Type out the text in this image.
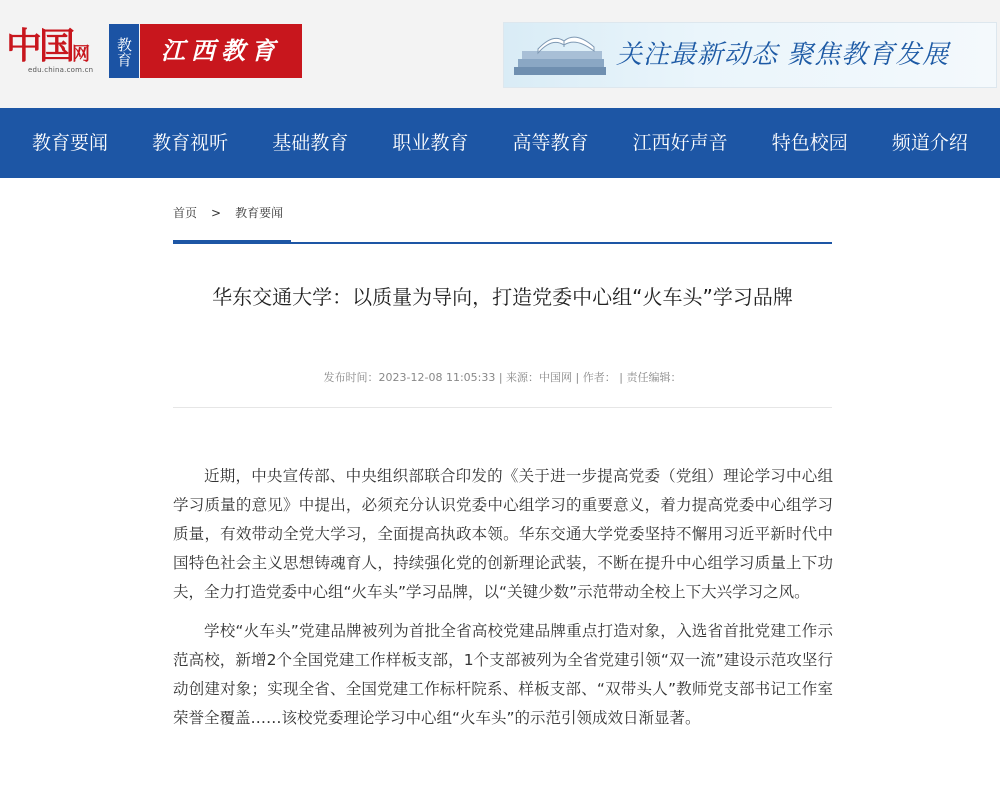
中国 网
edu.china.com.cn
教育	江西教育	关注最新动态 聚焦教育发展
教育要闻	教育视听	基础教育	职业教育	高等教育	江西好声音	特色校园	频道介绍
首页 > 教育要闻
华东交通大学：以质量为导向，打造党委中心组“火车头”学习品牌
发布时间：2023-12-08 11:05:33 | 来源：中国网 | 作者： | 责任编辑：

近期，中央宣传部、中央组织部联合印发的《关于进一步提高党委（党组）理论学习中心组学习质量的意见》中提出，必须充分认识党委中心组学习的重要意义，着力提高党委中心组学习质量，有效带动全党大学习，全面提高执政本领。华东交通大学党委坚持不懈用习近平新时代中国特色社会主义思想铸魂育人，持续强化党的创新理论武装，不断在提升中心组学习质量上下功夫，全力打造党委中心组“火车头”学习品牌，以“关键少数”示范带动全校上下大兴学习之风。

学校“火车头”党建品牌被列为首批全省高校党建品牌重点打造对象，入选省首批党建工作示范高校，新增2个全国党建工作样板支部，1个支部被列为全省党建引领“双一流”建设示范攻坚行动创建对象；实现全省、全国党建工作标杆院系、样板支部、“双带头人”教师党支部书记工作室荣誉全覆盖……该校党委理论学习中心组“火车头”的示范引领成效日渐显著。
